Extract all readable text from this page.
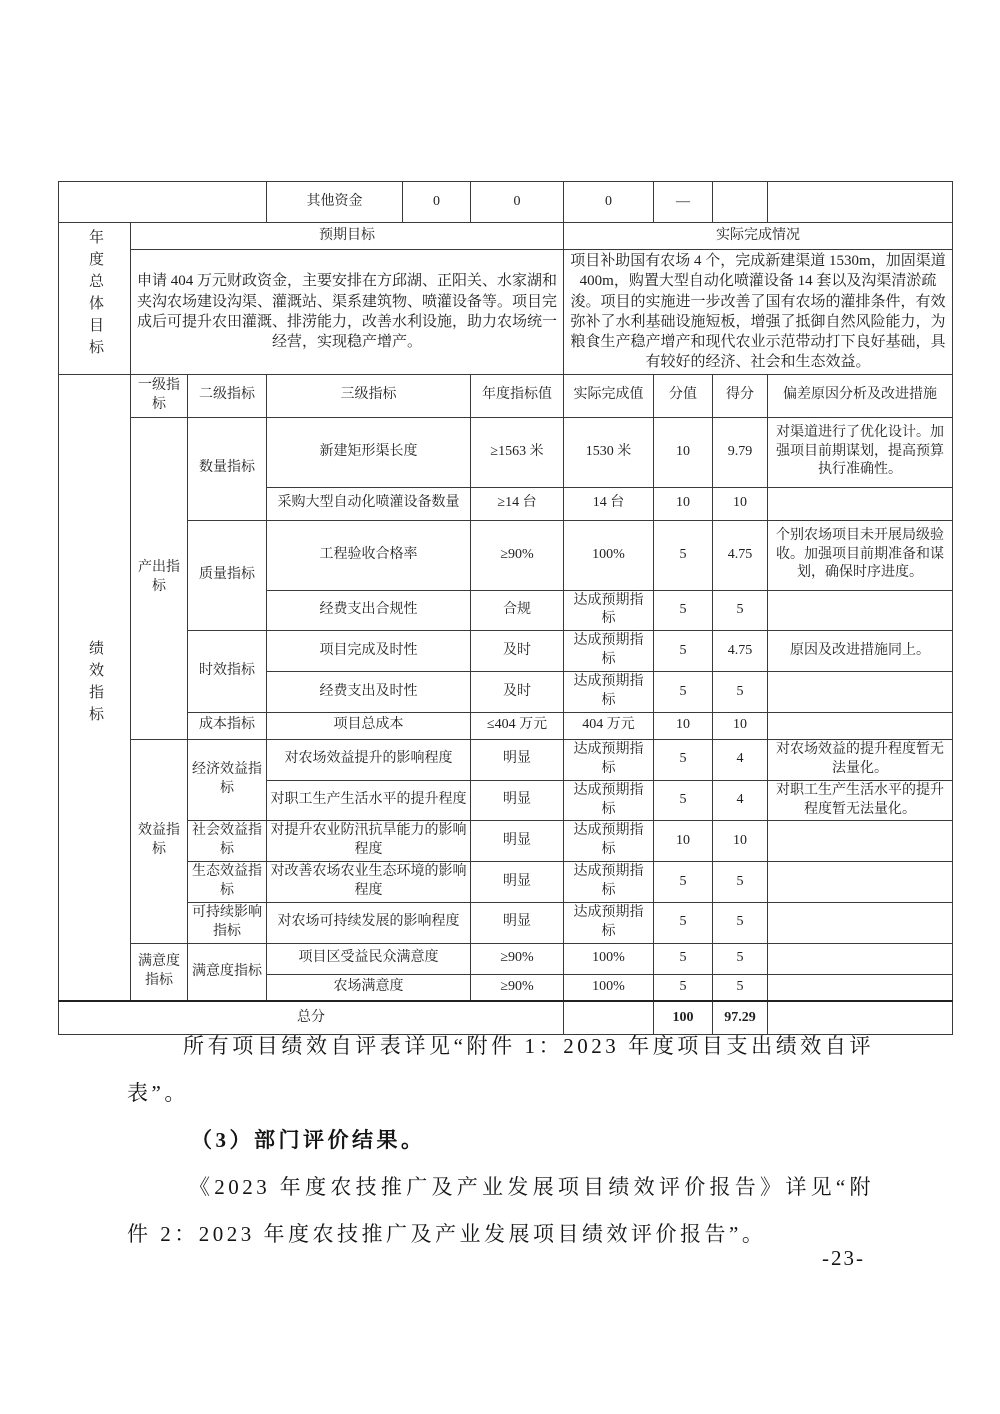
			其他资金	0	0	0	—		
年度总体目标	预期目标					实际完成情况			
	申请 404 万元财政资金，主要安排在方邱湖、正阳关、水家湖和夹沟农场建设沟渠、灌溉站、渠系建筑物、喷灌设备等。项目完成后可提升农田灌溉、排涝能力，改善水利设施，助力农场统一经营，实现稳产增产。					项目补助国有农场 4 个，完成新建渠道 1530m，加固渠道 400m，购置大型自动化喷灌设备 14 套以及沟渠清淤疏浚。项目的实施进一步改善了国有农场的灌排条件，有效弥补了水利基础设施短板，增强了抵御自然风险能力，为粮食生产稳产增产和现代农业示范带动打下良好基础，具有较好的经济、社会和生态效益。			
绩效指标	一级指标	二级指标	三级指标		年度指标值	实际完成值	分值	得分	偏差原因分析及改进措施
	产出指标	数量指标	新建矩形渠长度		≥1563 米	1530 米	10	9.79	对渠道进行了优化设计。加强项目前期谋划，提高预算执行准确性。
			采购大型自动化喷灌设备数量		≥14 台	14 台	10	10	
		质量指标	工程验收合格率		≥90%	100%	5	4.75	个别农场项目未开展局级验收。加强项目前期准备和谋划，确保时序进度。
			经费支出合规性		合规	达成预期指标	5	5	
		时效指标	项目完成及时性		及时	达成预期指标	5	4.75	原因及改进措施同上。
			经费支出及时性		及时	达成预期指标	5	5	
		成本指标	项目总成本		≤404 万元	404 万元	10	10	
	效益指标	经济效益指标	对农场效益提升的影响程度		明显	达成预期指标	5	4	对农场效益的提升程度暂无法量化。
			对职工生产生活水平的提升程度		明显	达成预期指标	5	4	对职工生产生活水平的提升程度暂无法量化。
		社会效益指标	对提升农业防汛抗旱能力的影响程度		明显	达成预期指标	10	10	
		生态效益指标	对改善农场农业生态环境的影响程度		明显	达成预期指标	5	5	
		可持续影响指标	对农场可持续发展的影响程度		明显	达成预期指标	5	5	
	满意度指标	满意度指标	项目区受益民众满意度		≥90%	100%	5	5	
			农场满意度		≥90%	100%	5	5	
总分							100	97.29	

所有项目绩效自评表详见“附件 1：2023 年度项目支出绩效自评表”。

（3）部门评价结果。

《2023 年度农技推广及产业发展项目绩效评价报告》详见“附件 2：2023 年度农技推广及产业发展项目绩效评价报告”。

-23-
